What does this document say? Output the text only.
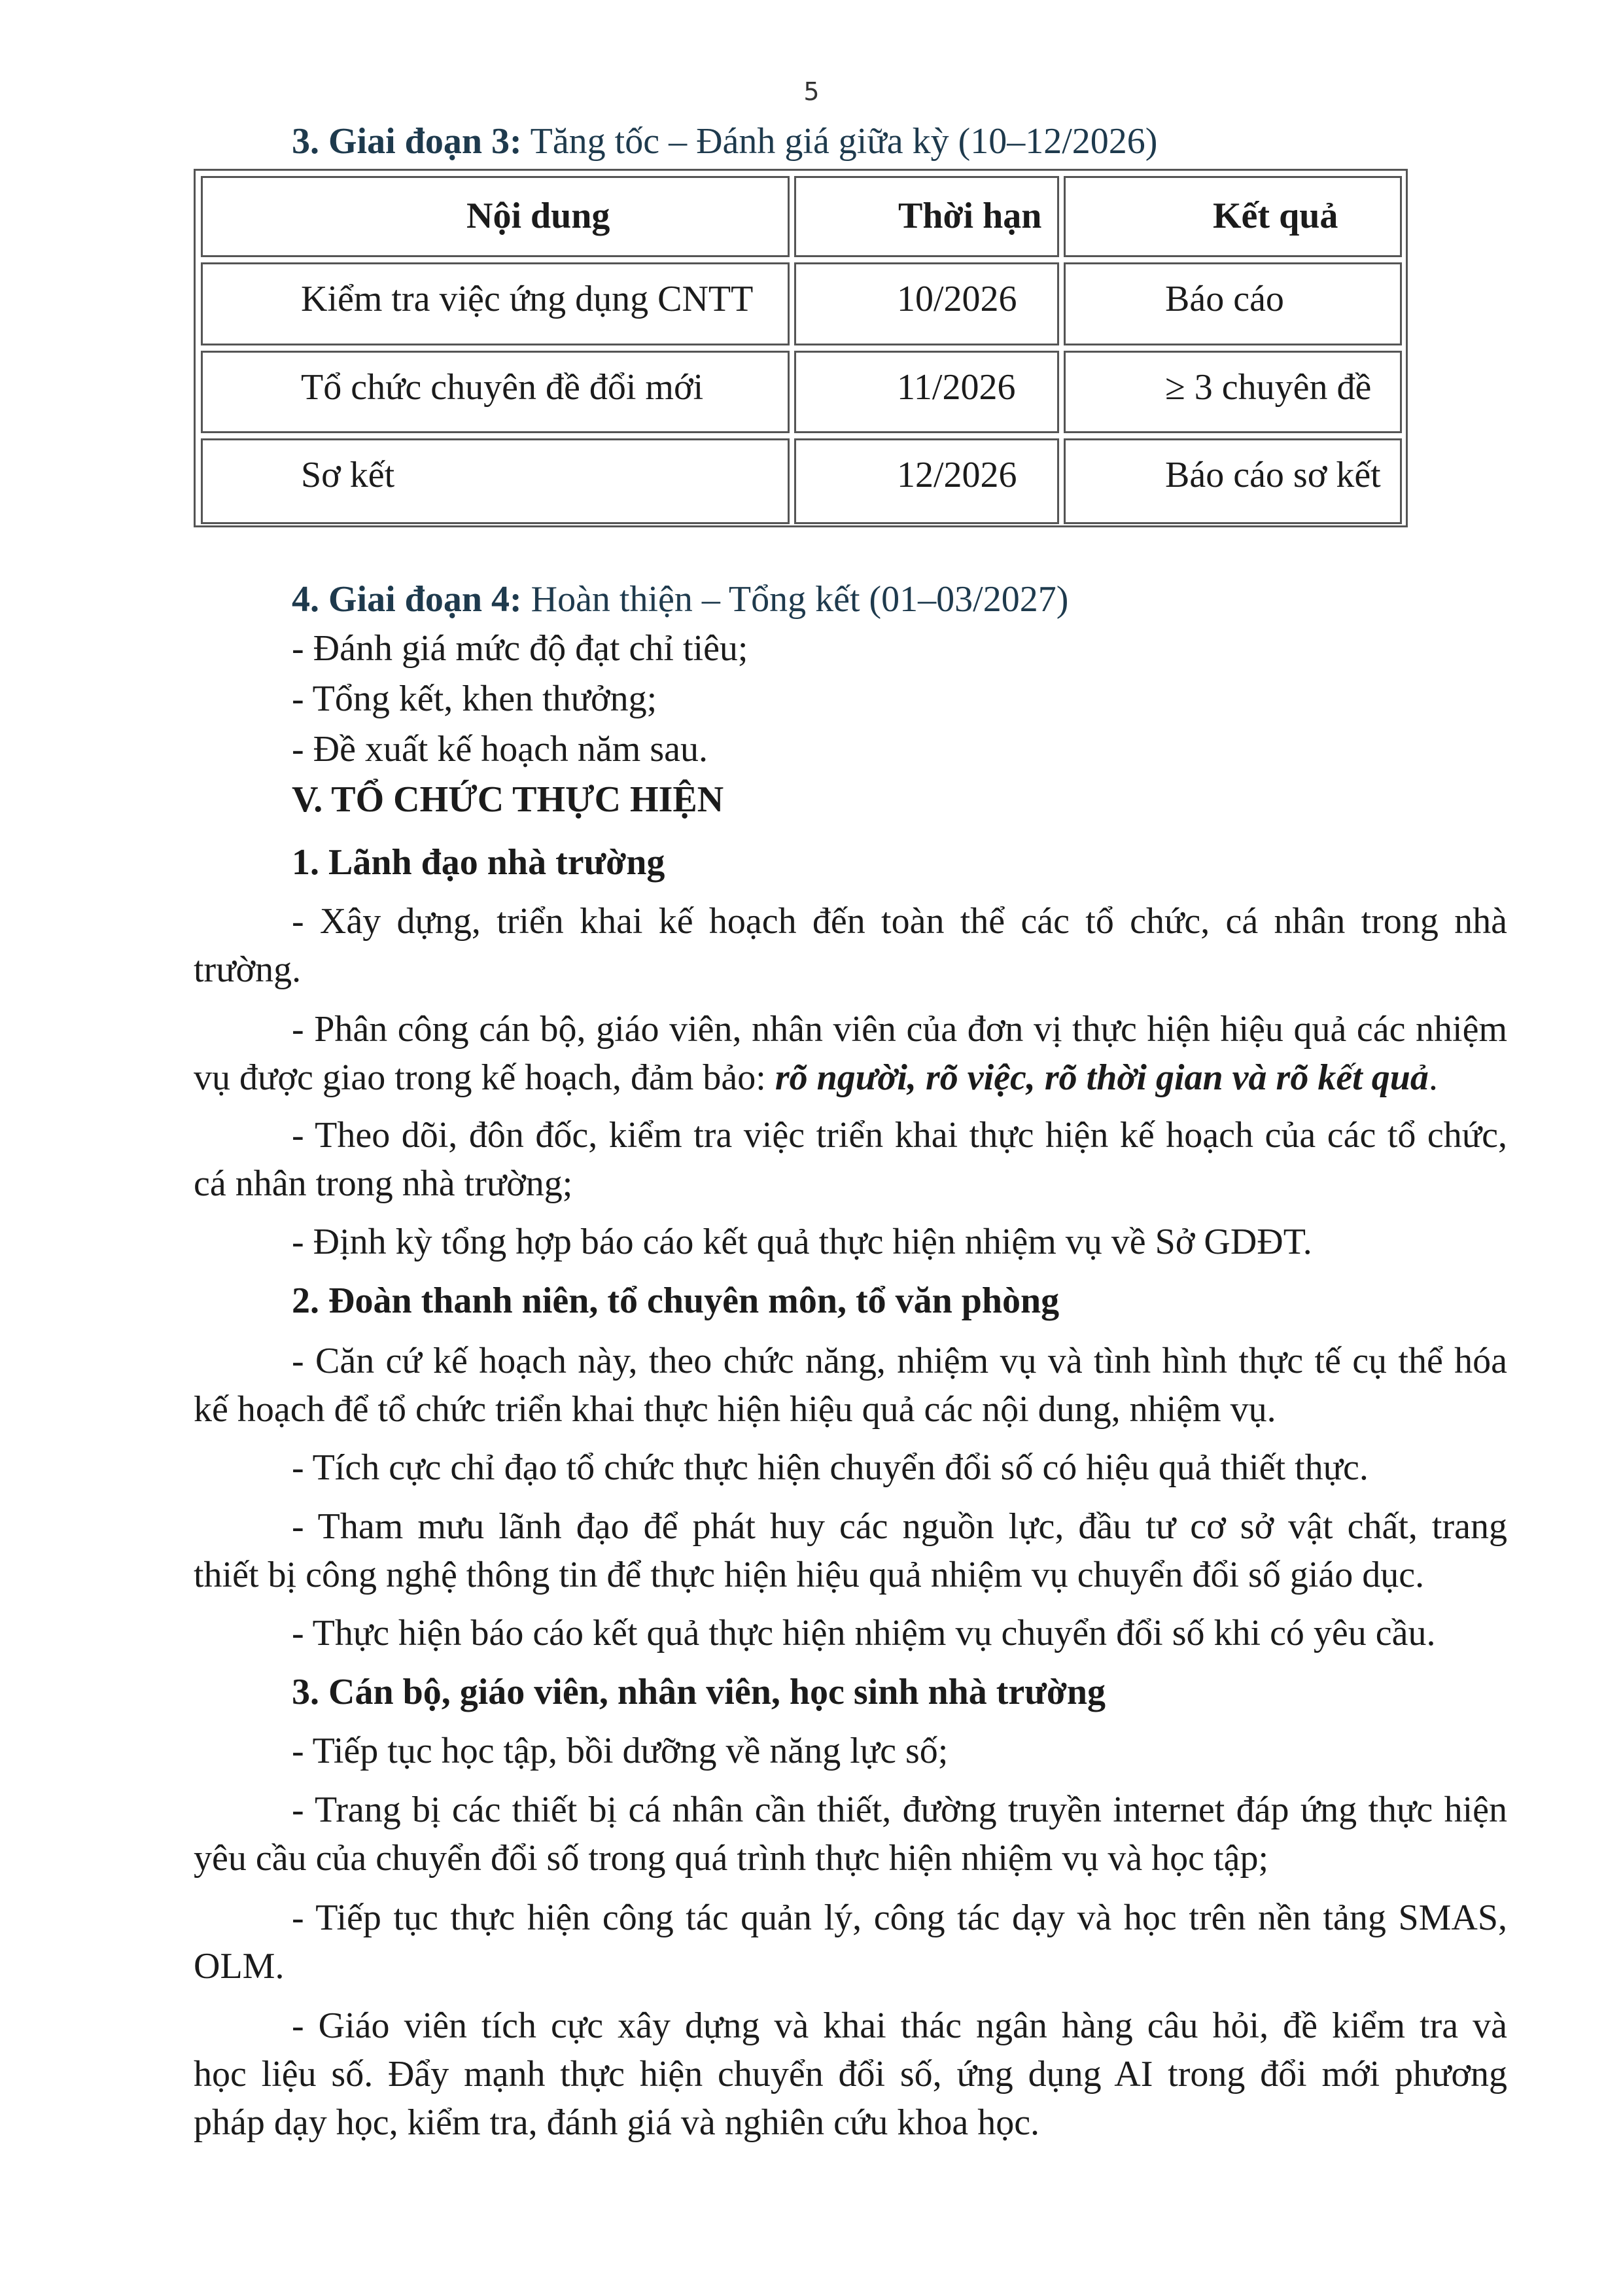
5
3. Giai đoạn 3: Tăng tốc – Đánh giá giữa kỳ (10–12/2026)
Nội dung	Thời hạn	Kết quả
Kiểm tra việc ứng dụng CNTT	10/2026	Báo cáo
Tổ chức chuyên đề đổi mới	11/2026	≥ 3 chuyên đề
Sơ kết	12/2026	Báo cáo sơ kết
4. Giai đoạn 4: Hoàn thiện – Tổng kết (01–03/2027)
- Đánh giá mức độ đạt chỉ tiêu;
- Tổng kết, khen thưởng;
- Đề xuất kế hoạch năm sau.
V. TỔ CHỨC THỰC HIỆN
1. Lãnh đạo nhà trường
- Xây dựng, triển khai kế hoạch đến toàn thể các tổ chức, cá nhân trong nhà
trường.
- Phân công cán bộ, giáo viên, nhân viên của đơn vị thực hiện hiệu quả các nhiệm
vụ được giao trong kế hoạch, đảm bảo: rõ người, rõ việc, rõ thời gian và rõ kết quả.
- Theo dõi, đôn đốc, kiểm tra việc triển khai thực hiện kế hoạch của các tổ chức,
cá nhân trong nhà trường;
- Định kỳ tổng hợp báo cáo kết quả thực hiện nhiệm vụ về Sở GDĐT.
2. Đoàn thanh niên, tổ chuyên môn, tổ văn phòng
- Căn cứ kế hoạch này, theo chức năng, nhiệm vụ và tình hình thực tế cụ thể hóa
kế hoạch để tổ chức triển khai thực hiện hiệu quả các nội dung, nhiệm vụ.
- Tích cực chỉ đạo tổ chức thực hiện chuyển đổi số có hiệu quả thiết thực.
- Tham mưu lãnh đạo để phát huy các nguồn lực, đầu tư cơ sở vật chất, trang
thiết bị công nghệ thông tin để thực hiện hiệu quả nhiệm vụ chuyển đổi số giáo dục.
- Thực hiện báo cáo kết quả thực hiện nhiệm vụ chuyển đổi số khi có yêu cầu.
3. Cán bộ, giáo viên, nhân viên, học sinh nhà trường
- Tiếp tục học tập, bồi dưỡng về năng lực số;
- Trang bị các thiết bị cá nhân cần thiết, đường truyền internet đáp ứng thực hiện
yêu cầu của chuyển đổi số trong quá trình thực hiện nhiệm vụ và học tập;
- Tiếp tục thực hiện công tác quản lý, công tác dạy và học trên nền tảng SMAS,
OLM.
- Giáo viên tích cực xây dựng và khai thác ngân hàng câu hỏi, đề kiểm tra và
học liệu số. Đẩy mạnh thực hiện chuyển đổi số, ứng dụng AI trong đổi mới phương
pháp dạy học, kiểm tra, đánh giá và nghiên cứu khoa học.
